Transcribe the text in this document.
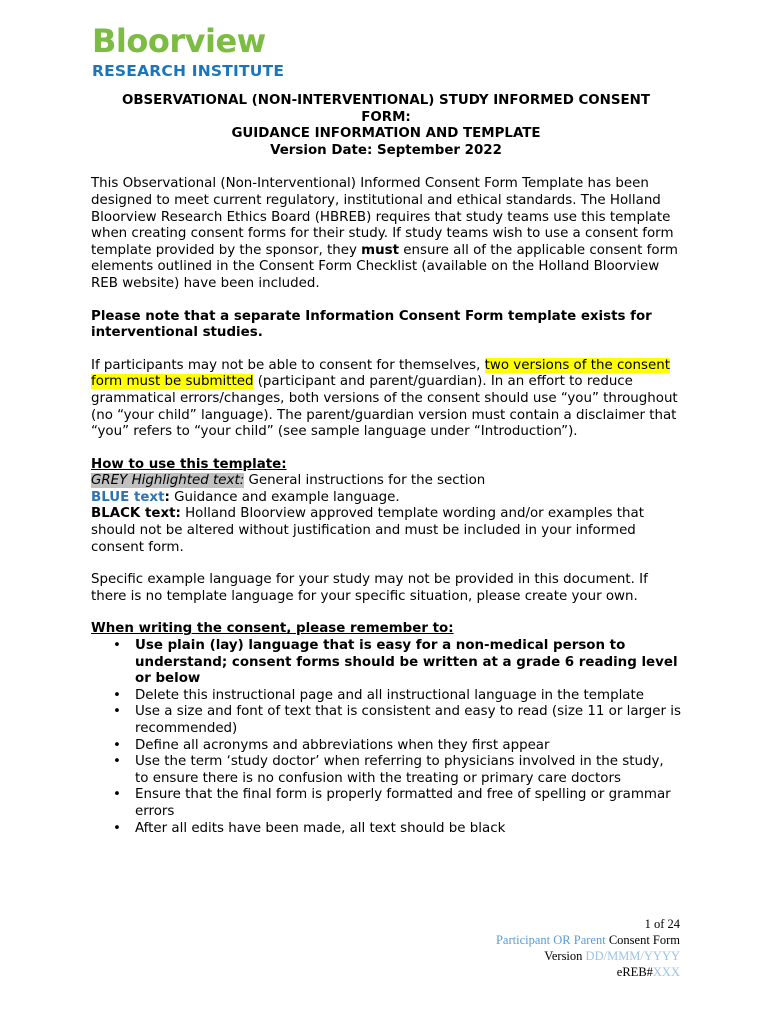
Bloorview
RESEARCH INSTITUTE
OBSERVATIONAL (NON-INTERVENTIONAL) STUDY INFORMED CONSENT
FORM:
GUIDANCE INFORMATION AND TEMPLATE
Version Date: September 2022

This Observational (Non-Interventional) Informed Consent Form Template has been designed to meet current regulatory, institutional and ethical standards. The Holland Bloorview Research Ethics Board (HBREB) requires that study teams use this template when creating consent forms for their study. If study teams wish to use a consent form template provided by the sponsor, they must ensure all of the applicable consent form elements outlined in the Consent Form Checklist (available on the Holland Bloorview REB website) have been included.

Please note that a separate Information Consent Form template exists for interventional studies.

If participants may not be able to consent for themselves, two versions of the consent form must be submitted (participant and parent/guardian). In an effort to reduce grammatical errors/changes, both versions of the consent should use “you” throughout (no “your child” language). The parent/guardian version must contain a disclaimer that “you” refers to “your child” (see sample language under “Introduction”).

How to use this template:
GREY Highlighted text: General instructions for the section
BLUE text: Guidance and example language.
BLACK text: Holland Bloorview approved template wording and/or examples that should not be altered without justification and must be included in your informed consent form.

Specific example language for your study may not be provided in this document. If there is no template language for your specific situation, please create your own.

When writing the consent, please remember to:
• Use plain (lay) language that is easy for a non-medical person to understand; consent forms should be written at a grade 6 reading level or below
• Delete this instructional page and all instructional language in the template
• Use a size and font of text that is consistent and easy to read (size 11 or larger is recommended)
• Define all acronyms and abbreviations when they first appear
• Use the term ‘study doctor’ when referring to physicians involved in the study, to ensure there is no confusion with the treating or primary care doctors
• Ensure that the final form is properly formatted and free of spelling or grammar errors
• After all edits have been made, all text should be black
1 of 24
Participant OR Parent Consent Form
Version DD/MMM/YYYY
eREB#XXX
